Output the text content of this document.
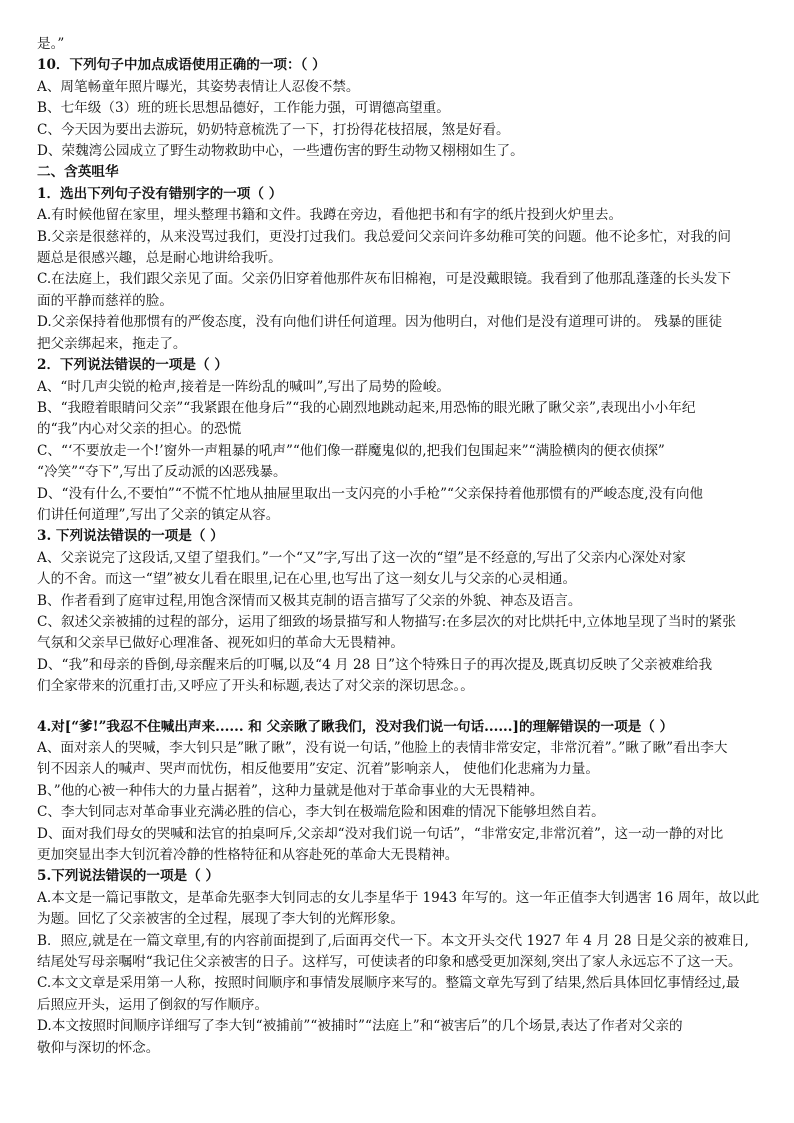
是。”
10．下列句子中加点成语使用正确的一项：（ ）
A、周笔畅童年照片曝光，其姿势表情让人忍俊不禁。
B、七年级（3）班的班长思想品德好，工作能力强，可谓德高望重。
C、今天因为要出去游玩，奶奶特意梳洗了一下，打扮得花枝招展，煞是好看。
D、荣魏湾公园成立了野生动物救助中心，一些遭伤害的野生动物又栩栩如生了。
二、含英咀华
1．选出下列句子没有错别字的一项（ ）
A.有时候他留在家里，埋头整理书籍和文件。我蹲在旁边，看他把书和有字的纸片投到火炉里去。
B.父亲是很慈祥的，从来没骂过我们，更没打过我们。我总爱问父亲问许多幼稚可笑的问题。他不论多忙，对我的问
题总是很感兴趣，总是耐心地讲给我听。
C.在法庭上，我们跟父亲见了面。父亲仍旧穿着他那件灰布旧棉袍，可是没戴眼镜。我看到了他那乱蓬蓬的长头发下
面的平静而慈祥的脸。
D.父亲保持着他那惯有的严俊态度，没有向他们讲任何道理。因为他明白，对他们是没有道理可讲的。 残暴的匪徒
把父亲绑起来，拖走了。
2．下列说法错误的一项是（ ）
A、“时几声尖锐的枪声,接着是一阵纷乱的喊叫”,写出了局势的险峻。
B、“我瞪着眼睛问父亲”“我紧跟在他身后”“我的心剧烈地跳动起来,用恐怖的眼光瞅了瞅父亲”,表现出小小年纪
的“我”内心对父亲的担心。的恐慌
C、“‘不要放走一个!’窗外一声粗暴的吼声”“他们像一群魔鬼似的,把我们包围起来”“满脸横肉的便衣侦探”
“冷笑”“夺下”,写出了反动派的凶恶残暴。
D、“没有什么,不要怕”“不慌不忙地从抽屉里取出一支闪亮的小手枪”“父亲保持着他那惯有的严峻态度,没有向他
们讲任何道理”,写出了父亲的镇定从容。
3. 下列说法错误的一项是（ ）
A、父亲说完了这段话,又望了望我们。”一个“又”字,写出了这一次的“望”是不经意的,写出了父亲内心深处对家
人的不舍。而这一“望”被女儿看在眼里,记在心里,也写出了这一刻女儿与父亲的心灵相通。
B、作者看到了庭审过程,用饱含深情而又极其克制的语言描写了父亲的外貌、神态及语言。
C、叙述父亲被捕的过程的部分，运用了细致的场景描写和人物描写:在多层次的对比烘托中,立体地呈现了当时的紧张
气氛和父亲早已做好心理准备、视死如归的革命大无畏精神。
D、“我”和母亲的昏倒,母亲醒来后的叮嘱,以及“4 月 28 日”这个特殊日子的再次提及,既真切反映了父亲被难给我
们全家带来的沉重打击,又呼应了开头和标题,表达了对父亲的深切思念。。
4.对[“爹!”我忍不住喊出声来...... 和 父亲瞅了瞅我们，没对我们说一句话......]的理解错误的一项是（ ）
A、面对亲人的哭喊，李大钊只是”瞅了瞅”，没有说一句话，”他脸上的表情非常安定，非常沉着”。”瞅了瞅”看出李大
钊不因亲人的喊声、哭声而忧伤，相反他要用”安定、沉着”影响亲人， 使他们化悲痛为力量。
B、”他的心被一种伟大的力量占据着”，这种力量就是他对于革命事业的大无畏精神。
C、李大钊同志对革命事业充满必胜的信心，李大钊在极端危险和困难的情况下能够坦然自若。
D、面对我们母女的哭喊和法官的拍桌呵斥,父亲却“没对我们说一句话”，“非常安定,非常沉着”，这一动一静的对比
更加突显出李大钊沉着冷静的性格特征和从容赴死的革命大无畏精神。
5.下列说法错误的一项是（ ）
A.本文是一篇记事散文，是革命先驱李大钊同志的女儿李星华于 1943 年写的。这一年正值李大钊遇害 16 周年，故以此
为题。回忆了父亲被害的全过程，展现了李大钊的光辉形象。
B．照应,就是在一篇文章里,有的内容前面提到了,后面再交代一下。本文开头交代 1927 年 4 月 28 日是父亲的被难日,
结尾处写母亲嘱咐“我记住父亲被害的日子。这样写，可使读者的印象和感受更加深刻,突出了家人永远忘不了这一天。
C.本文文章是采用第一人称，按照时间顺序和事情发展顺序来写的。整篇文章先写到了结果,然后具体回忆事情经过,最
后照应开头，运用了倒叙的写作顺序。
D.本文按照时间顺序详细写了李大钊“被捕前”“被捕时”“法庭上”和“被害后”的几个场景,表达了作者对父亲的
敬仰与深切的怀念。
